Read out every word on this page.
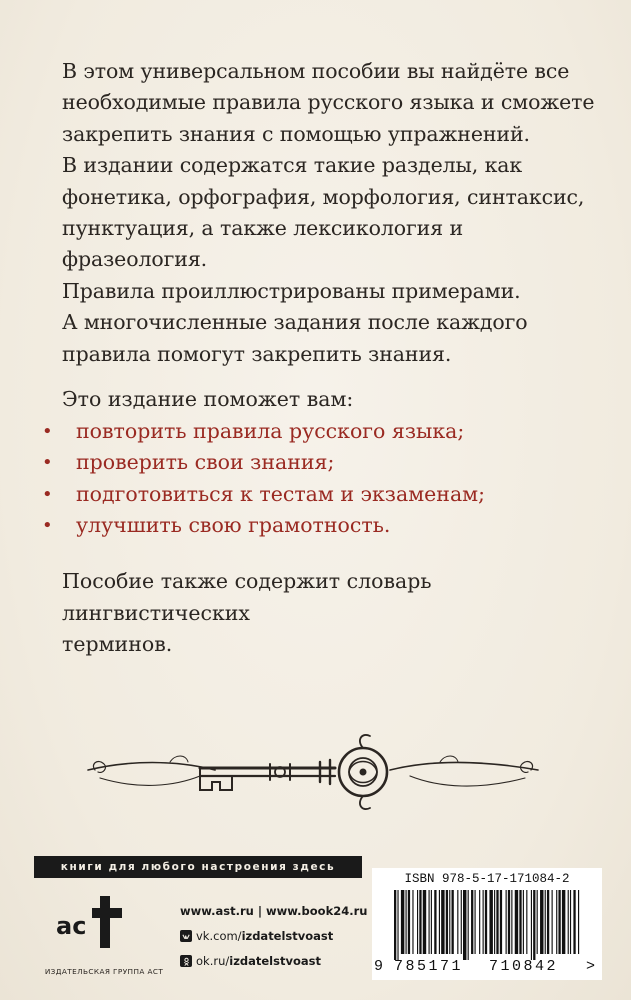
В этом универсальном пособии вы найдёте все

необходимые правила русского языка и сможете

закрепить знания с помощью упражнений.

В издании содержатся такие разделы, как

фонетика, орфография, морфология, синтаксис,

пунктуация, а также лексикология и фразеология.

Правила проиллюстрированы примерами.

А многочисленные задания после каждого

правила помогут закрепить знания.

Это издание поможет вам:

• повторить правила русского языка;
• проверить свои знания;
• подготовиться к тестам и экзаменам;
• улучшить свою грамотность.
Пособие также содержит словарь лингвистических
терминов.
книги для любого настроения здесь
ас
ИЗДАТЕЛЬСКАЯ ГРУППА АСТ
www.ast.ru | www.book24.ru
vk.com/ izdatelstvoast
ok.ru/ izdatelstvoast
ISBN 978-5-17-171084-2
9 785171 710842 >
